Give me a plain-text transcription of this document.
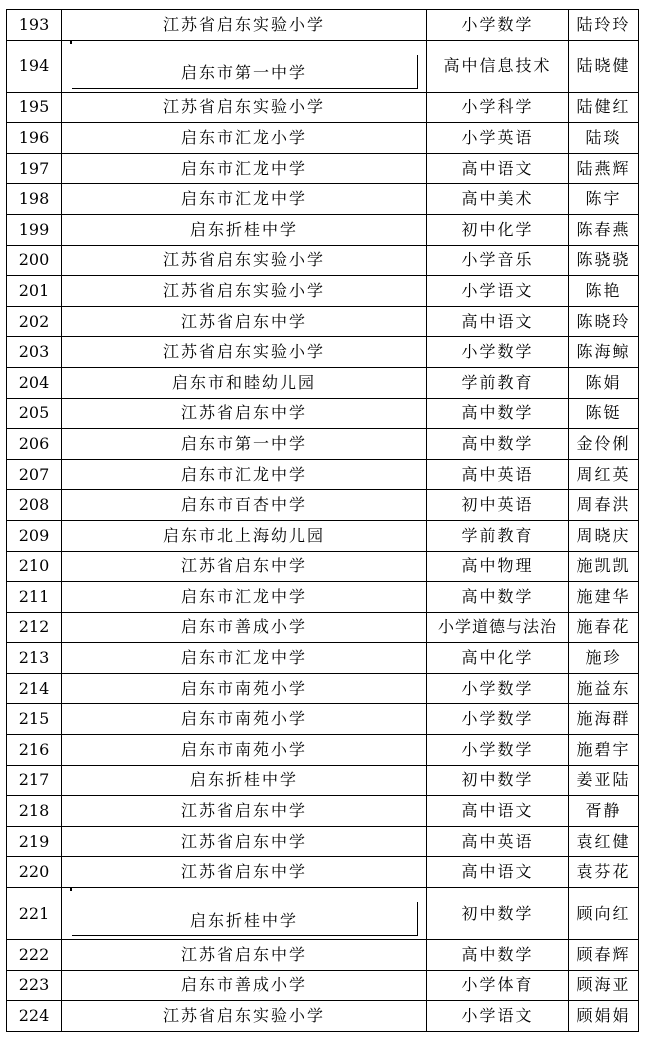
193	江苏省启东实验小学	小学数学	陆玲玲
194	启东市第一中学	高中信息技术	陆晓健
195	江苏省启东实验小学	小学科学	陆健红
196	启东市汇龙小学	小学英语	陆琰
197	启东市汇龙中学	高中语文	陆燕辉
198	启东市汇龙中学	高中美术	陈宇
199	启东折桂中学	初中化学	陈春燕
200	江苏省启东实验小学	小学音乐	陈骁骁
201	江苏省启东实验小学	小学语文	陈艳
202	江苏省启东中学	高中语文	陈晓玲
203	江苏省启东实验小学	小学数学	陈海鲸
204	启东市和睦幼儿园	学前教育	陈娟
205	江苏省启东中学	高中数学	陈铤
206	启东市第一中学	高中数学	金伶俐
207	启东市汇龙中学	高中英语	周红英
208	启东市百杏中学	初中英语	周春洪
209	启东市北上海幼儿园	学前教育	周晓庆
210	江苏省启东中学	高中物理	施凯凯
211	启东市汇龙中学	高中数学	施建华
212	启东市善成小学	小学道德与法治	施春花
213	启东市汇龙中学	高中化学	施珍
214	启东市南苑小学	小学数学	施益东
215	启东市南苑小学	小学数学	施海群
216	启东市南苑小学	小学数学	施碧宇
217	启东折桂中学	初中数学	姜亚陆
218	江苏省启东中学	高中语文	胥静
219	江苏省启东中学	高中英语	袁红健
220	江苏省启东中学	高中语文	袁芬花
221	启东折桂中学	初中数学	顾向红
222	江苏省启东中学	高中数学	顾春辉
223	启东市善成小学	小学体育	顾海亚
224	江苏省启东实验小学	小学语文	顾娟娟
